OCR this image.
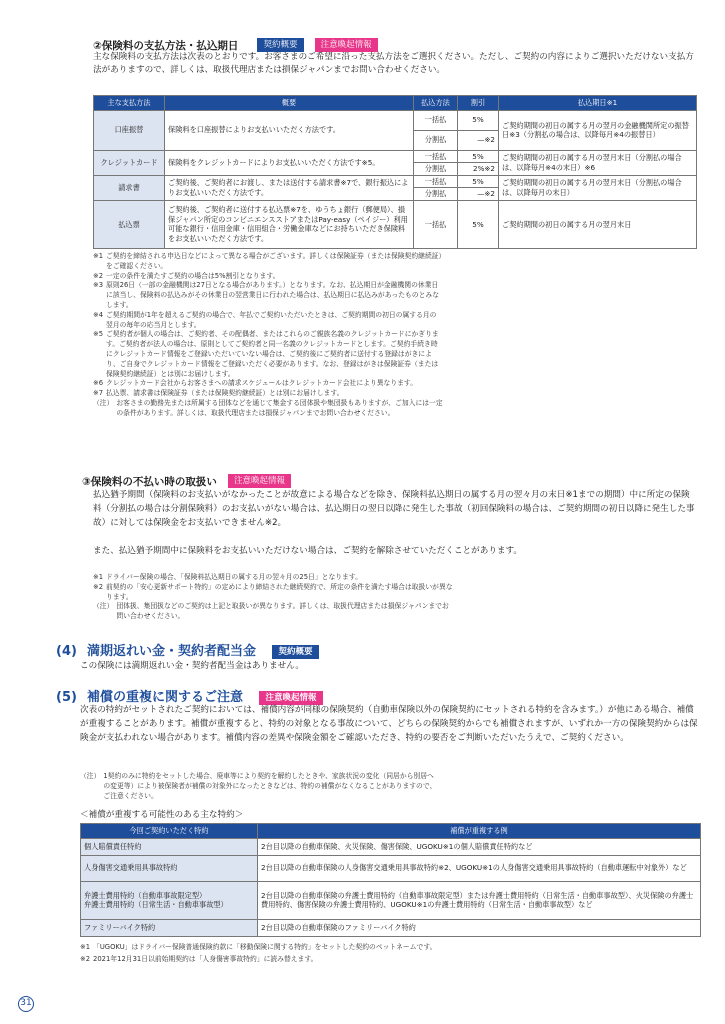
②保険料の支払方法・払込期日	契約概要	注意喚起情報
主な保険料の支払方法は次表のとおりです。お客さまのご希望に沿った支払方法をご選択ください。ただし、ご契約の内容によりご選択いただけない支払方法がありますので、詳しくは、取扱代理店または損保ジャパンまでお問い合わせください。
主な支払方法	概要	払込方法	割引	払込期日※1
口座振替	保険料を口座振替によりお支払いいただく方法です。	一括払	5%	ご契約期間の初日の属する月の翌月の金融機関所定の振替日※3（分割払の場合は、以降毎月※4の振替日）
		分割払	—※2	
クレジットカード	保険料をクレジットカードによりお支払いいただく方法です※5。	一括払	5%	ご契約期間の初日の属する月の翌月末日（分割払の場合は、以降毎月※4の末日）※6
		分割払	2%※2	
請求書	ご契約後、ご契約者にお渡し、または送付する請求書※7で、銀行振込によりお支払いいただく方法です。	一括払	5%	ご契約期間の初日の属する月の翌月末日（分割払の場合は、以降毎月の末日）
		分割払	—※2	
払込票	ご契約後、ご契約者に送付する払込票※7を、ゆうちょ銀行（郵便局）、損保ジャパン所定のコンビニエンスストアまたはPay-easy（ペイジー）利用可能な銀行・信用金庫・信用組合・労働金庫などにお持ちいただき保険料をお支払いいただく方法です。	一括払	5%	ご契約期間の初日の属する月の翌月末日
※1 ご契約を締結される申込日などによって異なる場合がございます。詳しくは保険証券（または保険契約継続証）をご確認ください。
※2 一定の条件を満たすご契約の場合は5%割引となります。
※3 原則26日（一部の金融機関は27日となる場合があります。）となります。なお、払込期日が金融機関の休業日に該当し、保険料の払込みがその休業日の翌営業日に行われた場合は、払込期日に払込みがあったものとみなします。
※4 ご契約期間が1年を超えるご契約の場合で、年払でご契約いただいたときは、ご契約期間の初日の属する月の翌月の毎年の応当月とします。
※5 ご契約者が個人の場合は、ご契約者、その配偶者、またはこれらのご親族名義のクレジットカードにかぎります。ご契約者が法人の場合は、原則としてご契約者と同一名義のクレジットカードとします。ご契約手続き時にクレジットカード情報をご登録いただいていない場合は、ご契約後にご契約者に送付する登録はがきにより、ご自身でクレジットカード情報をご登録いただく必要があります。なお、登録はがきは保険証券（または保険契約継続証）とは別にお届けします。
※6 クレジットカード会社からお客さまへの請求スケジュールはクレジットカード会社により異なります。
※7 払込票、請求書は保険証券（または保険契約継続証）とは別にお届けします。
（注） お客さまの勤務先または所属する団体などを通じて集金する団体扱や集団扱もありますが、ご加入には一定の条件があります。詳しくは、取扱代理店または損保ジャパンまでお問い合わせください。
③保険料の不払い時の取扱い 注意喚起情報
払込猶予期間（保険料のお支払いがなかったことが故意による場合などを除き、保険料払込期日の属する月の翌々月の末日※1までの期間）中に所定の保険料（分割払の場合は分割保険料）のお支払いがない場合は、払込期日の翌日以降に発生した事故（初回保険料の場合は、ご契約期間の初日以降に発生した事故）に対しては保険金をお支払いできません※2。
また、払込猶予期間中に保険料をお支払いいただけない場合は、ご契約を解除させていただくことがあります。
※1 ドライバー保険の場合、「保険料払込期日の属する月の翌々月の25日」となります。
※2 前契約の「安心更新サポート特約」の定めにより締結された継続契約で、所定の条件を満たす場合は取扱いが異なります。
（注） 団体扱、集団扱などのご契約は上記と取扱いが異なります。詳しくは、取扱代理店または損保ジャパンまでお問い合わせください。
(4) 満期返れい金・契約者配当金	契約概要
この保険には満期返れい金・契約者配当金はありません。
(5) 補償の重複に関するご注意	注意喚起情報
次表の特約がセットされたご契約においては、補償内容が同様の保険契約（自動車保険以外の保険契約にセットされる特約を含みます。）が他にある場合、補償が重複することがあります。補償が重複すると、特約の対象となる事故について、どちらの保険契約からでも補償されますが、いずれか一方の保険契約からは保険金が支払われない場合があります。補償内容の差異や保険金額をご確認いただき、特約の要否をご判断いただいたうえで、ご契約ください。
（注） 1契約のみに特約をセットした場合、廃車等により契約を解約したときや、家族状況の変化（同居から別居への変更等）により被保険者が補償の対象外になったときなどは、特約の補償がなくなることがありますので、ご注意ください。
＜補償が重複する可能性のある主な特約＞
今回ご契約いただく特約	補償が重複する例
個人賠償責任特約	2台目以降の自動車保険、火災保険、傷害保険、UGOKU※1の個人賠償責任特約など
人身傷害交通乗用具事故特約	2台目以降の自動車保険の人身傷害交通乗用具事故特約※2、UGOKU※1の人身傷害交通乗用具事故特約（自動車運転中対象外）など
弁護士費用特約（自動車事故限定型）
弁護士費用特約（日常生活・自動車事故型）	2台目以降の自動車保険の弁護士費用特約（自動車事故限定型）または弁護士費用特約（日常生活・自動車事故型）、火災保険の弁護士費用特約、傷害保険の弁護士費用特約、UGOKU※1の弁護士費用特約（日常生活・自動車事故型）など
ファミリーバイク特約	2台目以降の自動車保険のファミリーバイク特約
※1 「UGOKU」はドライバー保険普通保険約款に「移動保険に関する特約」をセットした契約のペットネームです。
※2 2021年12月31日以前始期契約は「人身傷害事故特約」に読み替えます。
31
